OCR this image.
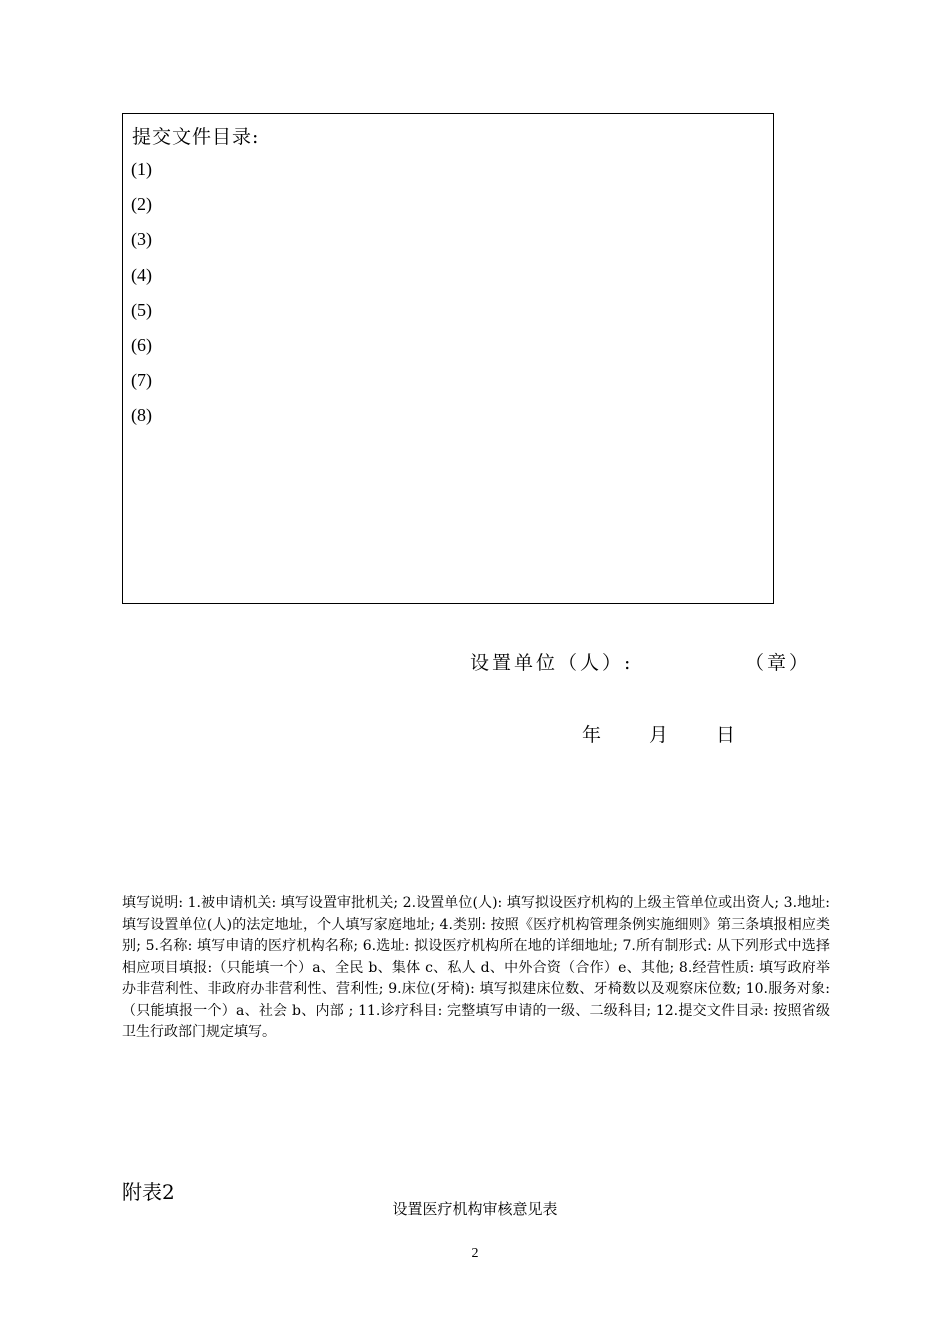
提交文件目录:
(1)
(2)
(3)
(4)
(5)
(6)
(7)
(8)
设置单位（人）:	（章）
年	月	日
填写说明: 1.被申请机关: 填写设置审批机关; 2.设置单位(人): 填写拟设医疗机构的上级主管单位或出资人; 3.地址: 填写设置单位(人)的法定地址，个人填写家庭地址; 4.类别: 按照《医疗机构管理条例实施细则》第三条填报相应类别; 5.名称: 填写申请的医疗机构名称; 6.选址: 拟设医疗机构所在地的详细地址; 7.所有制形式: 从下列形式中选择相应项目填报:（只能填一个）a、全民 b、集体 c、私人 d、中外合资（合作）e、其他; 8.经营性质: 填写政府举办非营利性、非政府办非营利性、营利性; 9.床位(牙椅): 填写拟建床位数、牙椅数以及观察床位数; 10.服务对象:（只能填报一个）a、社会 b、内部 ; 11.诊疗科目: 完整填写申请的一级、二级科目; 12.提交文件目录: 按照省级卫生行政部门规定填写。
附表2
设置医疗机构审核意见表
2
